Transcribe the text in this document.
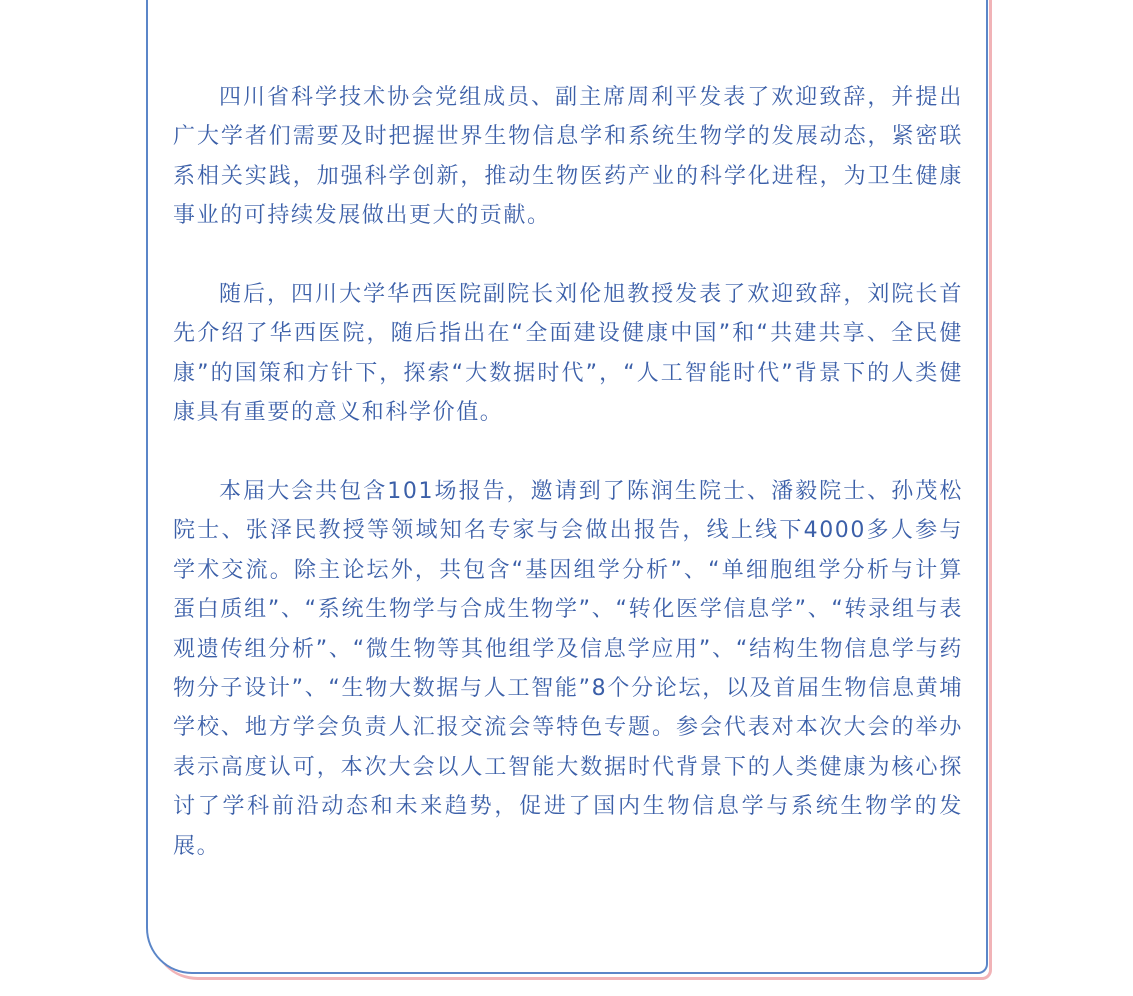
四川省科学技术协会党组成员、副主席周利平发表了欢迎致辞，并提出广大学者们需要及时把握世界生物信息学和系统生物学的发展动态，紧密联系相关实践，加强科学创新，推动生物医药产业的科学化进程，为卫生健康事业的可持续发展做出更大的贡献。

随后，四川大学华西医院副院长刘伦旭教授发表了欢迎致辞，刘院长首先介绍了华西医院，随后指出在“全面建设健康中国”和“共建共享、全民健康”的国策和方针下，探索“大数据时代”，“人工智能时代”背景下的人类健康具有重要的意义和科学价值。

本届大会共包含101场报告，邀请到了陈润生院士、潘毅院士、孙茂松院士、张泽民教授等领域知名专家与会做出报告，线上线下4000多人参与学术交流。除主论坛外，共包含“基因组学分析”、“单细胞组学分析与计算蛋白质组”、“系统生物学与合成生物学”、“转化医学信息学”、“转录组与表观遗传组分析”、“微生物等其他组学及信息学应用”、“结构生物信息学与药物分子设计”、“生物大数据与人工智能”8个分论坛，以及首届生物信息黄埔学校、地方学会负责人汇报交流会等特色专题。参会代表对本次大会的举办表示高度认可，本次大会以人工智能大数据时代背景下的人类健康为核心探讨了学科前沿动态和未来趋势，促进了国内生物信息学与系统生物学的发展。
